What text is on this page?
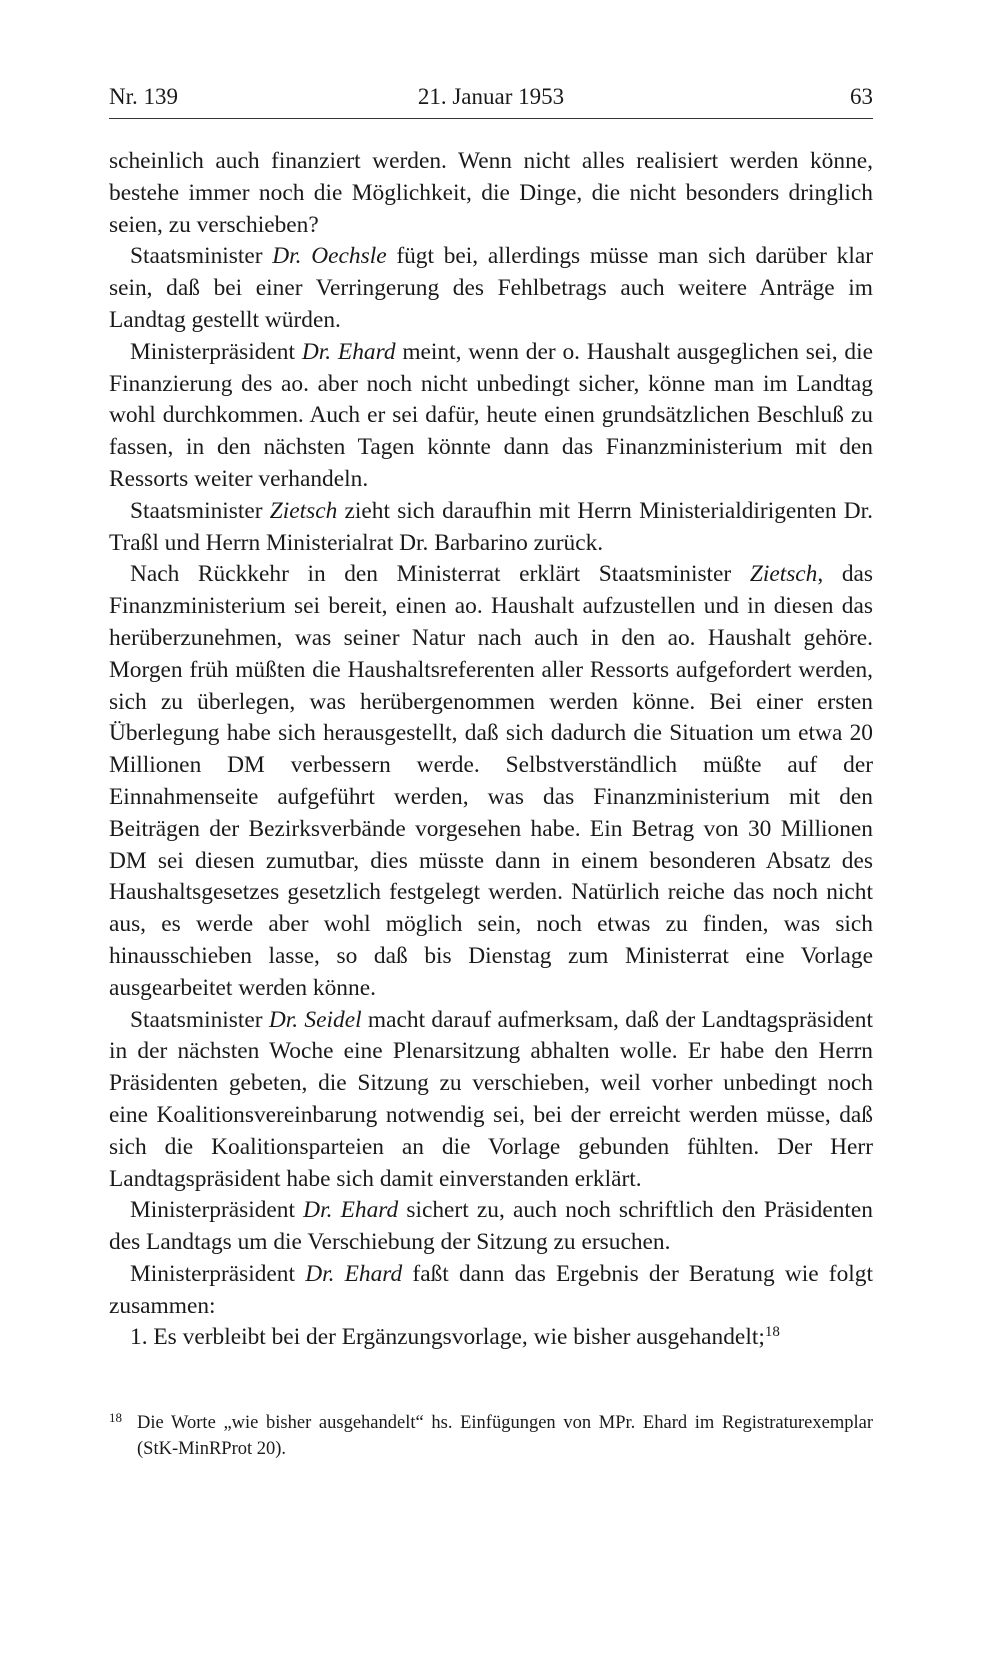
Nr. 139	21. Januar 1953	63

scheinlich auch finanziert werden. Wenn nicht alles realisiert werden könne, bestehe immer noch die Möglichkeit, die Dinge, die nicht besonders dringlich seien, zu verschieben?

Staatsminister Dr. Oechsle fügt bei, allerdings müsse man sich darüber klar sein, daß bei einer Verringerung des Fehlbetrags auch weitere Anträge im Landtag gestellt würden.

Ministerpräsident Dr. Ehard meint, wenn der o. Haushalt ausgeglichen sei, die Finanzierung des ao. aber noch nicht unbedingt sicher, könne man im Landtag wohl durchkommen. Auch er sei dafür, heute einen grundsätzlichen Beschluß zu fassen, in den nächsten Tagen könnte dann das Finanzministerium mit den Ressorts weiter verhandeln.

Staatsminister Zietsch zieht sich daraufhin mit Herrn Ministerialdirigenten Dr. Traßl und Herrn Ministerialrat Dr. Barbarino zurück.

Nach Rückkehr in den Ministerrat erklärt Staatsminister Zietsch, das Finanzministerium sei bereit, einen ao. Haushalt aufzustellen und in diesen das herüberzunehmen, was seiner Natur nach auch in den ao. Haushalt gehöre. Morgen früh müßten die Haushaltsreferenten aller Ressorts aufgefordert werden, sich zu überlegen, was herübergenommen werden könne. Bei einer ersten Überlegung habe sich herausgestellt, daß sich dadurch die Situation um etwa 20 Millionen DM verbessern werde. Selbstverständlich müßte auf der Einnahmenseite aufgeführt werden, was das Finanzministerium mit den Beiträgen der Bezirksverbände vorgesehen habe. Ein Betrag von 30 Millionen DM sei diesen zumutbar, dies müsste dann in einem besonderen Absatz des Haushaltsgesetzes gesetzlich festgelegt werden. Natürlich reiche das noch nicht aus, es werde aber wohl möglich sein, noch etwas zu finden, was sich hinausschieben lasse, so daß bis Dienstag zum Ministerrat eine Vorlage ausgearbeitet werden könne.

Staatsminister Dr. Seidel macht darauf aufmerksam, daß der Landtagspräsident in der nächsten Woche eine Plenarsitzung abhalten wolle. Er habe den Herrn Präsidenten gebeten, die Sitzung zu verschieben, weil vorher unbedingt noch eine Koalitionsvereinbarung notwendig sei, bei der erreicht werden müsse, daß sich die Koalitionsparteien an die Vorlage gebunden fühlten. Der Herr Landtagspräsident habe sich damit einverstanden erklärt.

Ministerpräsident Dr. Ehard sichert zu, auch noch schriftlich den Präsidenten des Landtags um die Verschiebung der Sitzung zu ersuchen.

Ministerpräsident Dr. Ehard faßt dann das Ergebnis der Beratung wie folgt zusammen:

1. Es verbleibt bei der Ergänzungsvorlage, wie bisher ausgehandelt;$^{18}$

18 Die Worte „wie bisher ausgehandelt“ hs. Einfügungen von MPr. Ehard im Registraturexemplar (StK-MinRProt 20).
